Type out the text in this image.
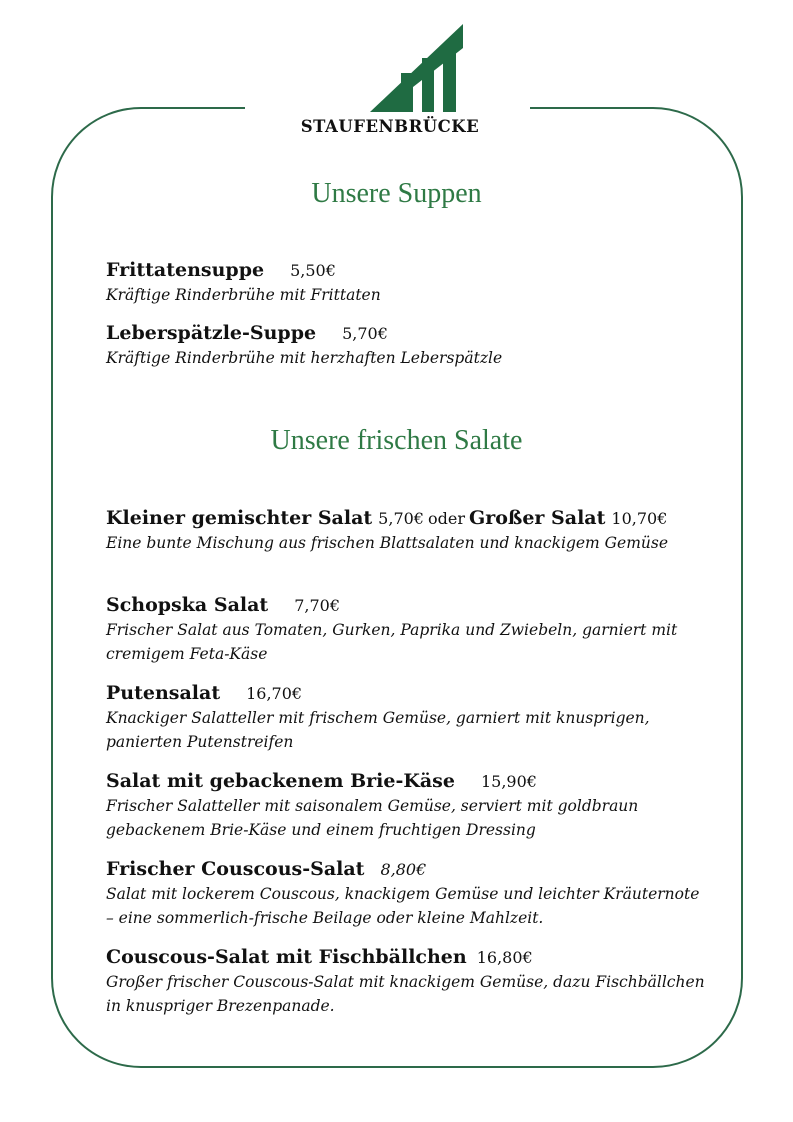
STAUFENBRÜCKE
Unsere Suppen
Frittatensuppe 5,50€
Kräftige Rinderbrühe mit Frittaten
Leberspätzle-Suppe 5,70€
Kräftige Rinderbrühe mit herzhaften Leberspätzle
Unsere frischen Salate
Kleiner gemischter Salat 5,70€ oder Großer Salat 10,70€
Eine bunte Mischung aus frischen Blattsalaten und knackigem Gemüse
Schopska Salat 7,70€
Frischer Salat aus Tomaten, Gurken, Paprika und Zwiebeln, garniert mit cremigem Feta-Käse
Putensalat 16,70€
Knackiger Salatteller mit frischem Gemüse, garniert mit knusprigen, panierten Putenstreifen
Salat mit gebackenem Brie-Käse 15,90€
Frischer Salatteller mit saisonalem Gemüse, serviert mit goldbraun gebackenem Brie-Käse und einem fruchtigen Dressing
Frischer Couscous-Salat 8,80€
Salat mit lockerem Couscous, knackigem Gemüse und leichter Kräuternote – eine sommerlich-frische Beilage oder kleine Mahlzeit.
Couscous-Salat mit Fischbällchen 16,80€
Großer frischer Couscous-Salat mit knackigem Gemüse, dazu Fischbällchen in knuspriger Brezenpanade.
